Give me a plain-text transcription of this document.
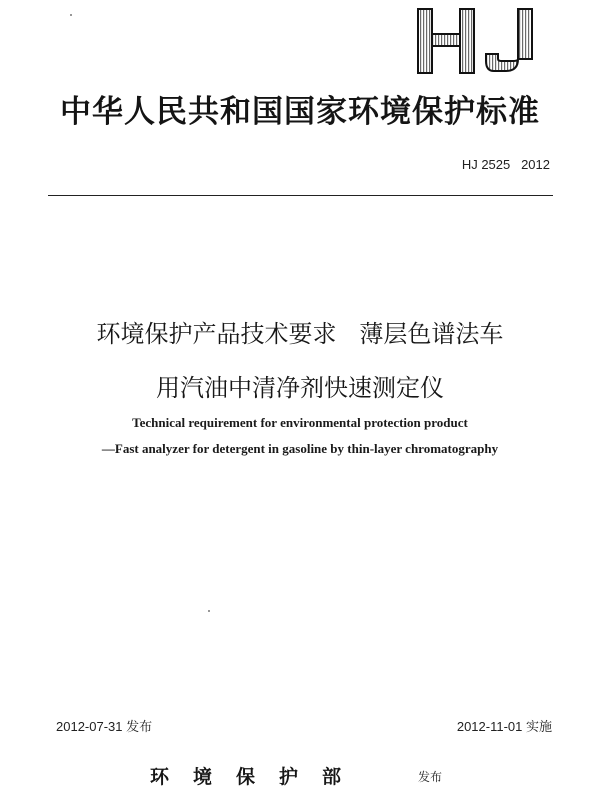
中华人民共和国国家环境保护标准
HJ 2525   2012
环境保护产品技术要求   薄层色谱法车
用汽油中清净剂快速测定仪
Technical requirement for environmental protection product
—Fast analyzer for detergent in gasoline by thin-layer chromatography
2012-07-31 发布	2012-11-01 实施
环境保护部	发布
